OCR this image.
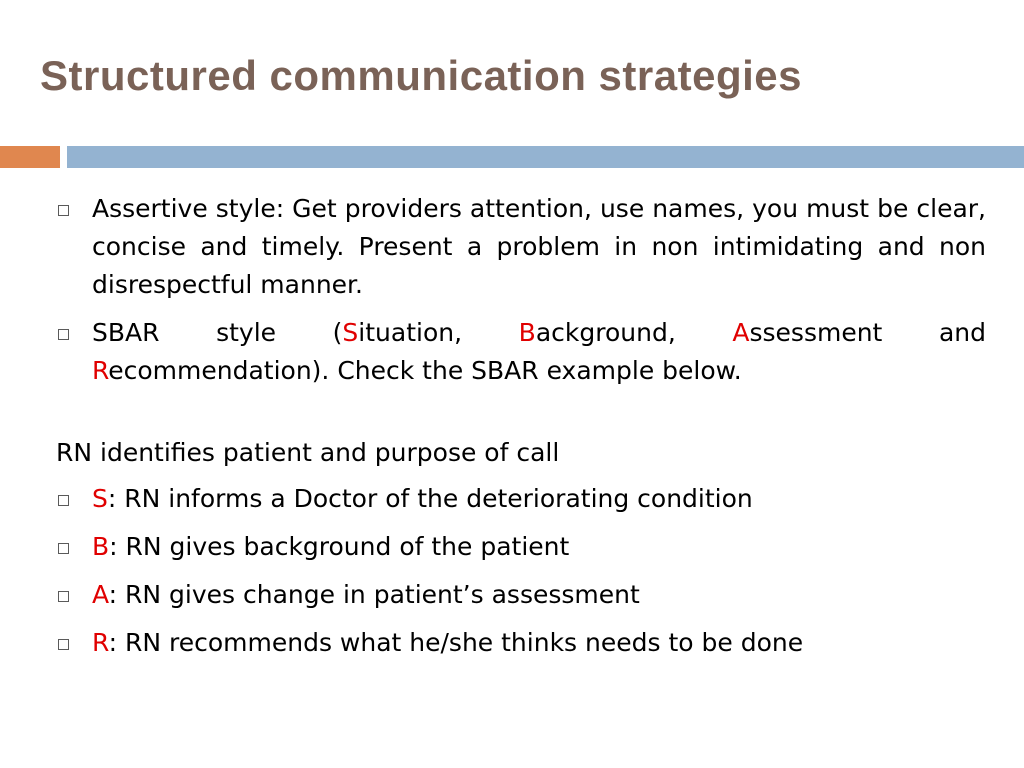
Structured communication strategies
Assertive style: Get providers attention, use names, you must be clear, concise and timely. Present a problem in non intimidating and non disrespectful manner.
SBAR style (Situation, Background, Assessment and Recommendation). Check the SBAR example below.

RN identifies patient and purpose of call

S: RN informs a Doctor of the deteriorating condition
B: RN gives background of the patient
A: RN gives change in patient’s assessment
R: RN recommends what he/she thinks needs to be done
